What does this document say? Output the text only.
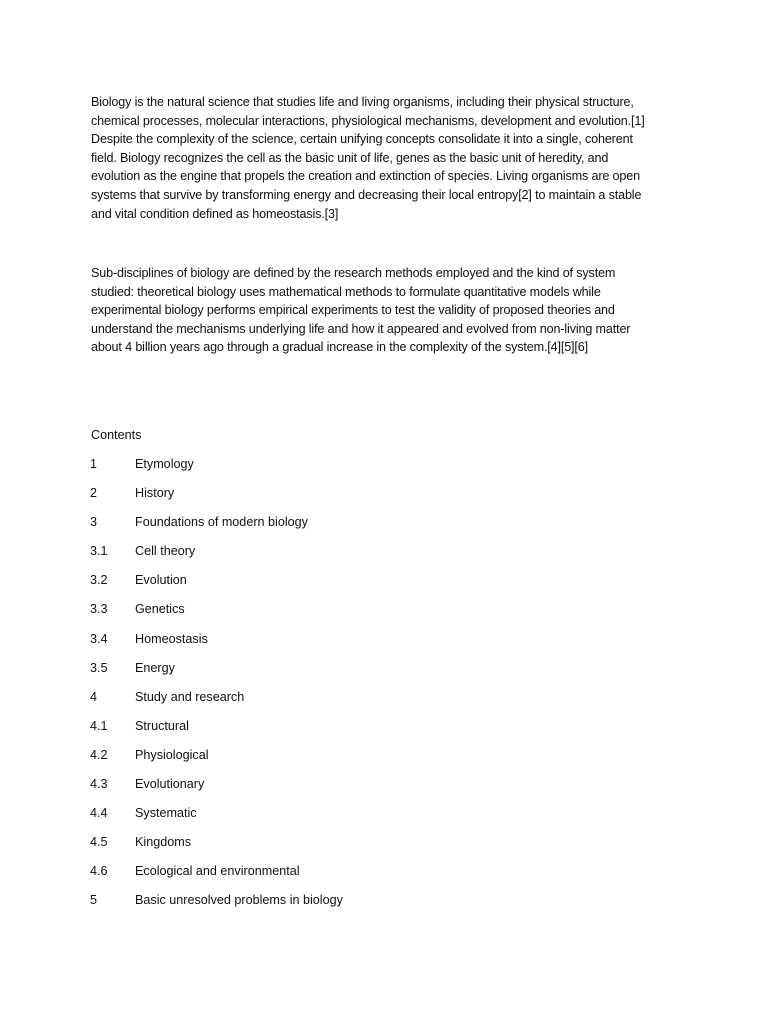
Biology is the natural science that studies life and living organisms, including their physical structure,
chemical processes, molecular interactions, physiological mechanisms, development and evolution.[1]
Despite the complexity of the science, certain unifying concepts consolidate it into a single, coherent
field. Biology recognizes the cell as the basic unit of life, genes as the basic unit of heredity, and
evolution as the engine that propels the creation and extinction of species. Living organisms are open
systems that survive by transforming energy and decreasing their local entropy[2] to maintain a stable
and vital condition defined as homeostasis.[3]

Sub-disciplines of biology are defined by the research methods employed and the kind of system
studied: theoretical biology uses mathematical methods to formulate quantitative models while
experimental biology performs empirical experiments to test the validity of proposed theories and
understand the mechanisms underlying life and how it appeared and evolved from non-living matter
about 4 billion years ago through a gradual increase in the complexity of the system.[4][5][6]

Contents

1	Etymology
2	History
3	Foundations of modern biology
3.1	Cell theory
3.2	Evolution
3.3	Genetics
3.4	Homeostasis
3.5	Energy
4	Study and research
4.1	Structural
4.2	Physiological
4.3	Evolutionary
4.4	Systematic
4.5	Kingdoms
4.6	Ecological and environmental
5	Basic unresolved problems in biology
